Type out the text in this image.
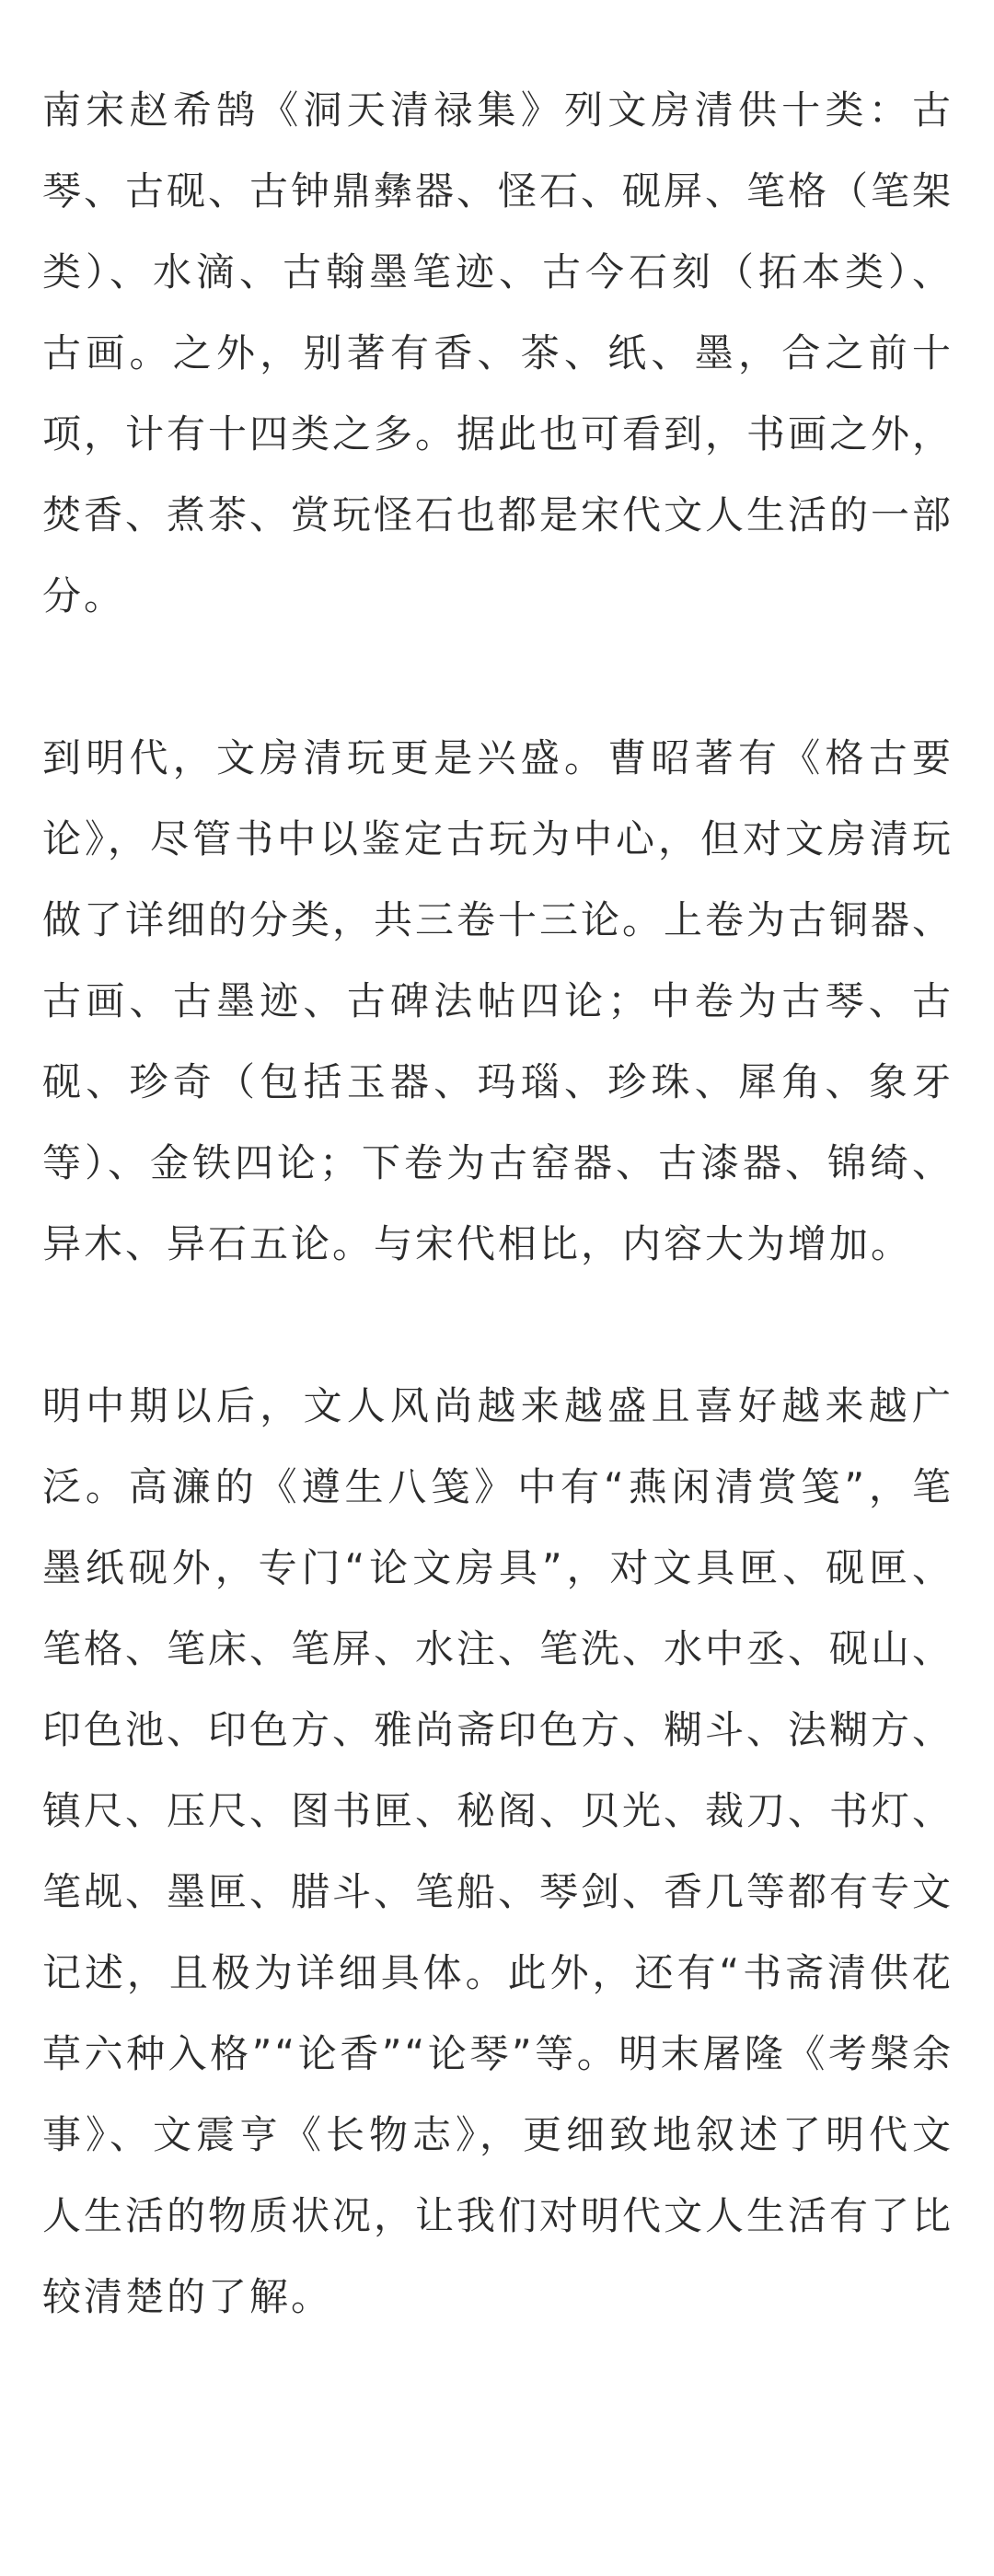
南宋赵希鹄《洞天清禄集》列文房清供十类：古琴、古砚、古钟鼎彝器、怪石、砚屏、笔格（笔架类）、水滴、古翰墨笔迹、古今石刻（拓本类）、古画。之外，别著有香、茶、纸、墨，合之前十项，计有十四类之多。据此也可看到，书画之外，焚香、煮茶、赏玩怪石也都是宋代文人生活的一部分。

到明代，文房清玩更是兴盛。曹昭著有《格古要论》，尽管书中以鉴定古玩为中心，但对文房清玩做了详细的分类，共三卷十三论。上卷为古铜器、古画、古墨迹、古碑法帖四论；中卷为古琴、古砚、珍奇（包括玉器、玛瑙、珍珠、犀角、象牙等）、金铁四论；下卷为古窑器、古漆器、锦绮、异木、异石五论。与宋代相比，内容大为增加。

明中期以后，文人风尚越来越盛且喜好越来越广泛。高濂的《遵生八笺》中有“燕闲清赏笺”，笔墨纸砚外，专门“论文房具”，对文具匣、砚匣、笔格、笔床、笔屏、水注、笔洗、水中丞、砚山、印色池、印色方、雅尚斋印色方、糊斗、法糊方、镇尺、压尺、图书匣、秘阁、贝光、裁刀、书灯、笔觇、墨匣、腊斗、笔船、琴剑、香几等都有专文记述，且极为详细具体。此外，还有“书斋清供花草六种入格”“论香”“论琴”等。明末屠隆《考槃余事》、文震亨《长物志》，更细致地叙述了明代文人生活的物质状况，让我们对明代文人生活有了比较清楚的了解。
